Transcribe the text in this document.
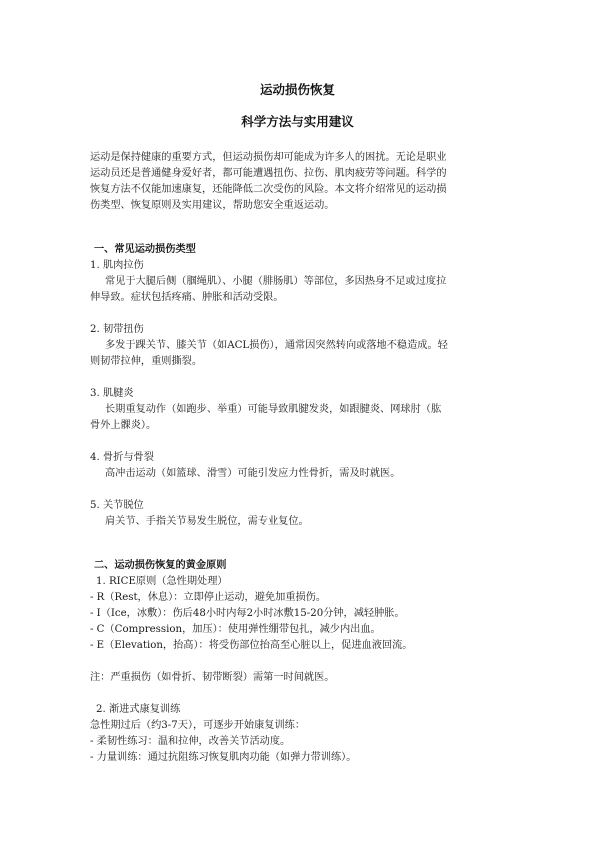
运动损伤恢复
科学方法与实用建议
运动是保持健康的重要方式，但运动损伤却可能成为许多人的困扰。无论是职业
运动员还是普通健身爱好者，都可能遭遇扭伤、拉伤、肌肉疲劳等问题。科学的
恢复方法不仅能加速康复，还能降低二次受伤的风险。本文将介绍常见的运动损
伤类型、恢复原则及实用建议，帮助您安全重返运动。
一、常见运动损伤类型
1. 肌肉拉伤
常见于大腿后侧（腘绳肌）、小腿（腓肠肌）等部位，多因热身不足或过度拉
伸导致。症状包括疼痛、肿胀和活动受限。
2. 韧带扭伤
多发于踝关节、膝关节（如ACL损伤），通常因突然转向或落地不稳造成。轻
则韧带拉伸，重则撕裂。
3. 肌腱炎
长期重复动作（如跑步、举重）可能导致肌腱发炎，如跟腱炎、网球肘（肱
骨外上髁炎）。
4. 骨折与骨裂
高冲击运动（如篮球、滑雪）可能引发应力性骨折，需及时就医。
5. 关节脱位
肩关节、手指关节易发生脱位，需专业复位。
二、运动损伤恢复的黄金原则
1. RICE原则（急性期处理）
- R（Rest，休息）：立即停止运动，避免加重损伤。
- I（Ice，冰敷）：伤后48小时内每2小时冰敷15-20分钟，减轻肿胀。
- C（Compression，加压）：使用弹性绷带包扎，减少内出血。
- E（Elevation，抬高）：将受伤部位抬高至心脏以上，促进血液回流。
注：严重损伤（如骨折、韧带断裂）需第一时间就医。
2. 渐进式康复训练
急性期过后（约3-7天），可逐步开始康复训练：
- 柔韧性练习：温和拉伸，改善关节活动度。
- 力量训练：通过抗阻练习恢复肌肉功能（如弹力带训练）。
